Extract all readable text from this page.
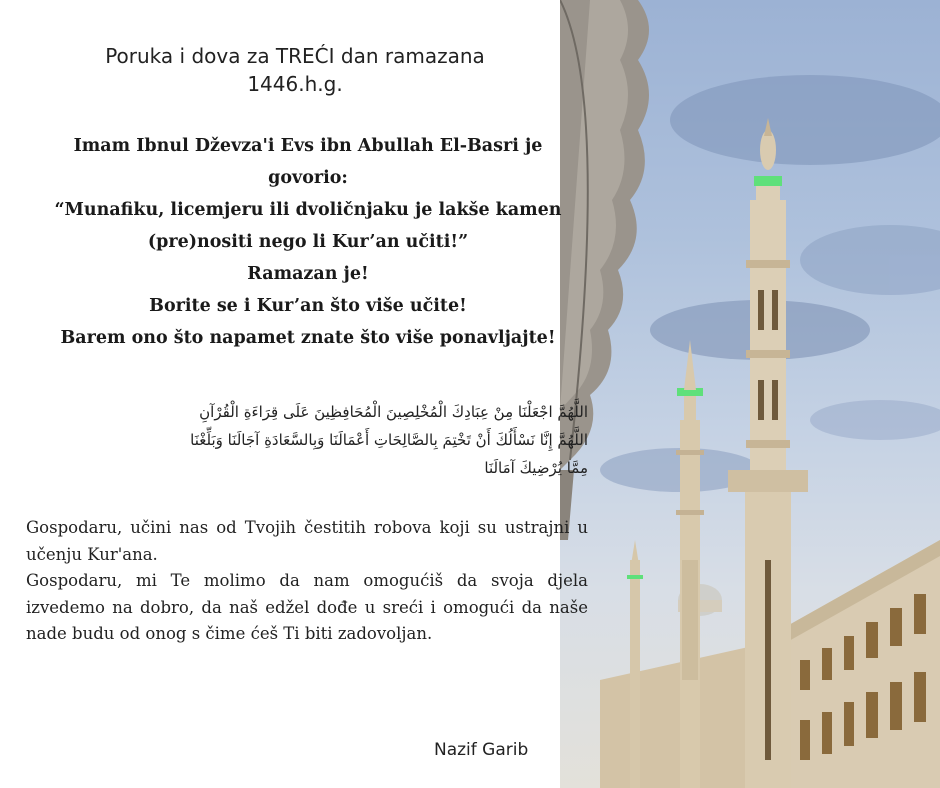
Poruka i dova za TREĆI dan ramazana
1446.h.g.
Imam Ibnul Dževza'i Evs ibn Abullah El-Basri je
govorio:
“Munafiku, licemjeru ili dvoličnjaku je lakše kamen
(pre)nositi nego li Kur’an učiti!”
Ramazan je!
Borite se i Kur’an što više učite!
Barem ono što napamet znate što više ponavljajte!
اللَّهُمَّ اجْعَلْنَا مِنْ عِبَادِكَ الْمُخْلِصِينَ الْمُحَافِظِينَ عَلَى قِرَاءَةِ الْقُرْآنِ
اللَّهُمَّ إِنَّا نَسْأَلُكَ أَنْ تَخْتِمَ بِالصَّالِحَاتِ أَعْمَالَنَا وَبِالسَّعَادَةِ آجَالَنَا وَبَلِّغْنَا
مِمَّا يُرْضِيكَ آمَالَنَا

Gospodaru, učini nas od Tvojih čestitih robova koji su ustrajni u učenju Kur'ana.

Gospodaru, mi Te molimo da nam omogućiš da svoja djela izvedemo na dobro, da naš edžel dođe u sreći i omogući da naše nade budu od onog s čime ćeš Ti biti zadovoljan.

Nazif Garib
